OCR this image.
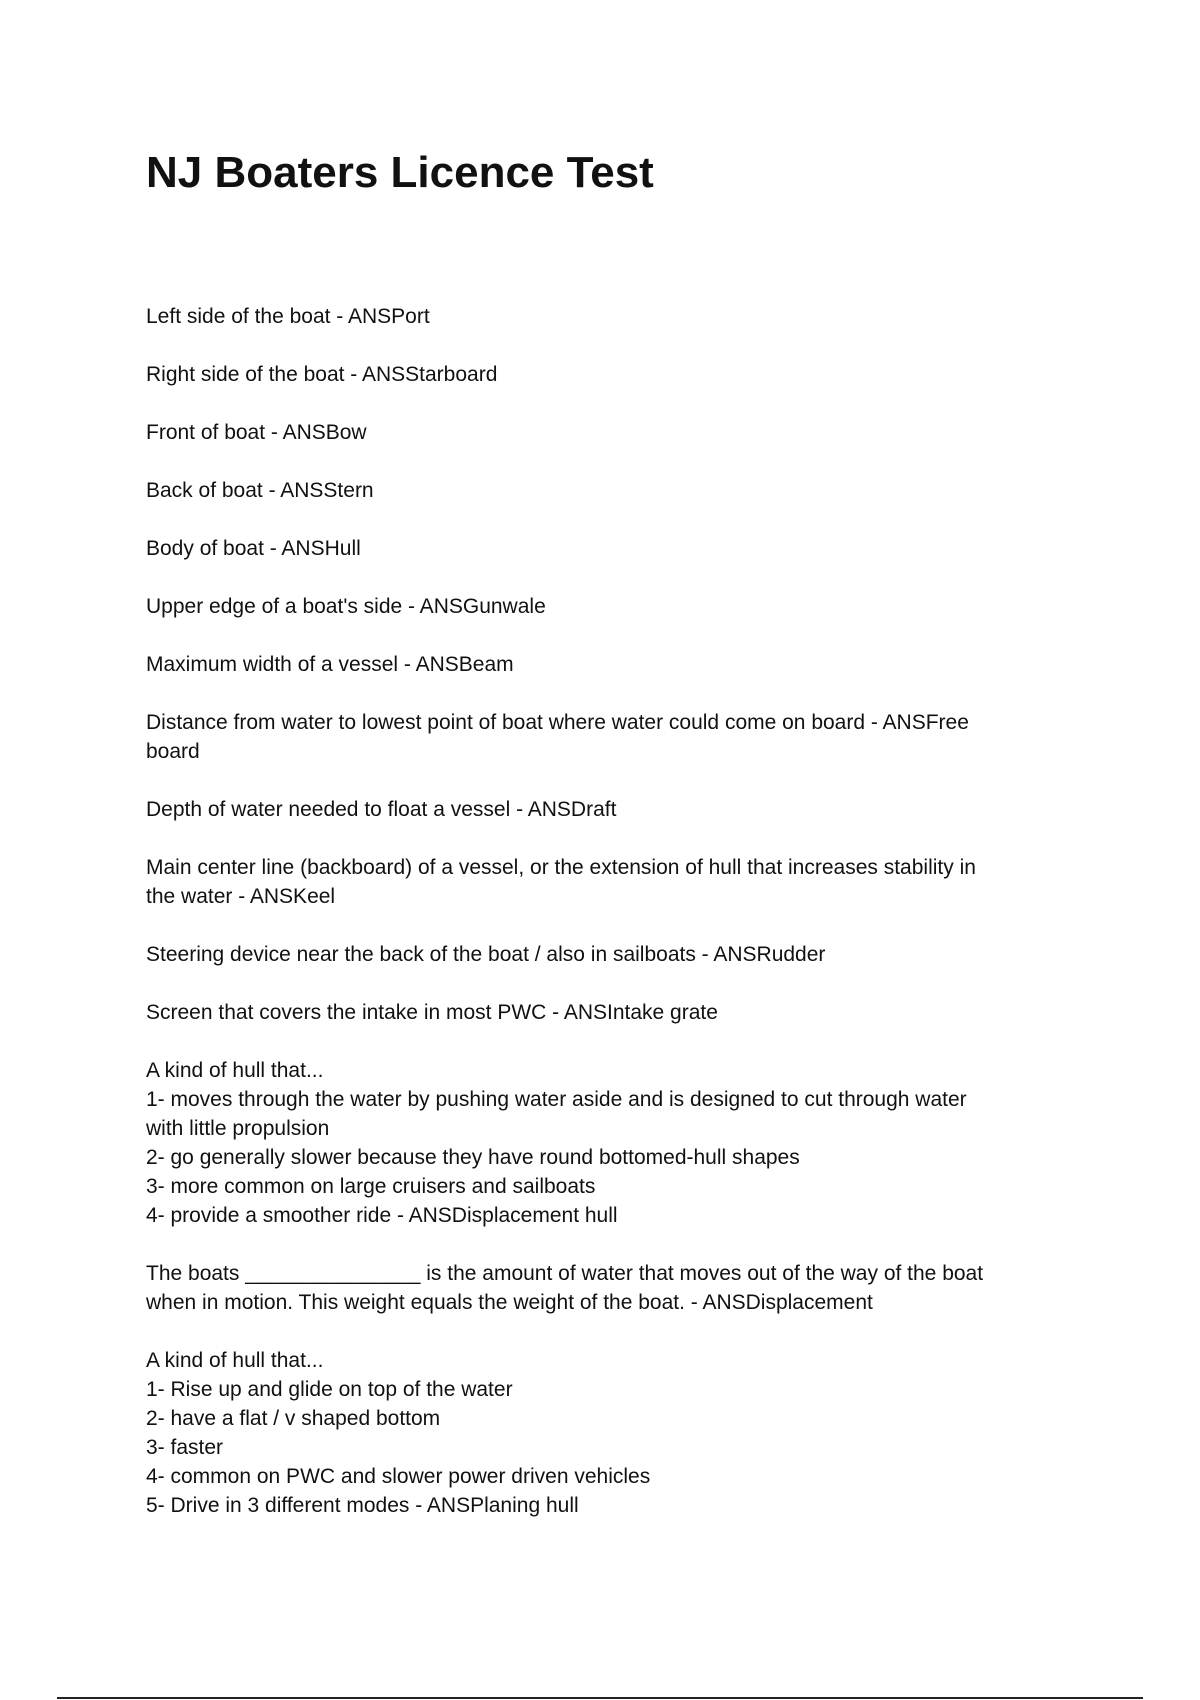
NJ Boaters Licence Test
Left side of the boat - ANSPort
Right side of the boat - ANSStarboard
Front of boat - ANSBow
Back of boat - ANSStern
Body of boat - ANSHull
Upper edge of a boat's side - ANSGunwale
Maximum width of a vessel - ANSBeam
Distance from water to lowest point of boat where water could come on board - ANSFree
board
Depth of water needed to float a vessel - ANSDraft
Main center line (backboard) of a vessel, or the extension of hull that increases stability in
the water - ANSKeel
Steering device near the back of the boat / also in sailboats - ANSRudder
Screen that covers the intake in most PWC - ANSIntake grate
A kind of hull that...
1- moves through the water by pushing water aside and is designed to cut through water
with little propulsion
2- go generally slower because they have round bottomed-hull shapes
3- more common on large cruisers and sailboats
4- provide a smoother ride - ANSDisplacement hull
The boats _______________ is the amount of water that moves out of the way of the boat
when in motion. This weight equals the weight of the boat. - ANSDisplacement
A kind of hull that...
1- Rise up and glide on top of the water
2- have a flat / v shaped bottom
3- faster
4- common on PWC and slower power driven vehicles
5- Drive in 3 different modes - ANSPlaning hull
